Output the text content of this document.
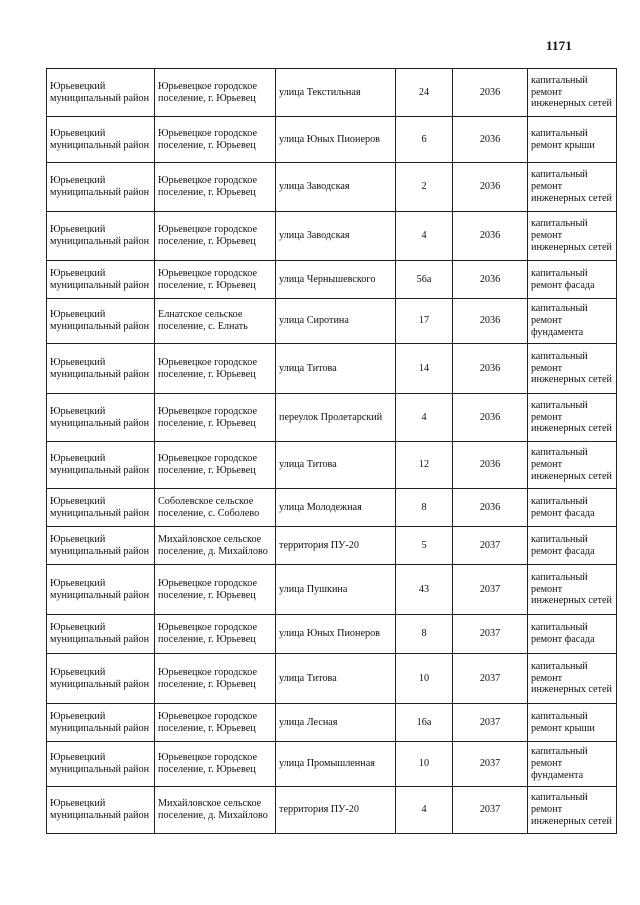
1171
Юрьевецкий муниципальный район	Юрьевецкое городское поселение, г. Юрьевец	улица Текстильная	24	2036	капитальный ремонт инженерных сетей
Юрьевецкий муниципальный район	Юрьевецкое городское поселение, г. Юрьевец	улица Юных Пионеров	6	2036	капитальный ремонт крыши
Юрьевецкий муниципальный район	Юрьевецкое городское поселение, г. Юрьевец	улица Заводская	2	2036	капитальный ремонт инженерных сетей
Юрьевецкий муниципальный район	Юрьевецкое городское поселение, г. Юрьевец	улица Заводская	4	2036	капитальный ремонт инженерных сетей
Юрьевецкий муниципальный район	Юрьевецкое городское поселение, г. Юрьевец	улица Чернышевского	56а	2036	капитальный ремонт фасада
Юрьевецкий муниципальный район	Елнатское сельское поселение, с. Елнать	улица Сиротина	17	2036	капитальный ремонт фундамента
Юрьевецкий муниципальный район	Юрьевецкое городское поселение, г. Юрьевец	улица Титова	14	2036	капитальный ремонт инженерных сетей
Юрьевецкий муниципальный район	Юрьевецкое городское поселение, г. Юрьевец	переулок Пролетарский	4	2036	капитальный ремонт инженерных сетей
Юрьевецкий муниципальный район	Юрьевецкое городское поселение, г. Юрьевец	улица Титова	12	2036	капитальный ремонт инженерных сетей
Юрьевецкий муниципальный район	Соболевское сельское поселение, с. Соболево	улица Молодежная	8	2036	капитальный ремонт фасада
Юрьевецкий муниципальный район	Михайловское сельское поселение, д. Михайлово	территория ПУ-20	5	2037	капитальный ремонт фасада
Юрьевецкий муниципальный район	Юрьевецкое городское поселение, г. Юрьевец	улица Пушкина	43	2037	капитальный ремонт инженерных сетей
Юрьевецкий муниципальный район	Юрьевецкое городское поселение, г. Юрьевец	улица Юных Пионеров	8	2037	капитальный ремонт фасада
Юрьевецкий муниципальный район	Юрьевецкое городское поселение, г. Юрьевец	улица Титова	10	2037	капитальный ремонт инженерных сетей
Юрьевецкий муниципальный район	Юрьевецкое городское поселение, г. Юрьевец	улица Лесная	16а	2037	капитальный ремонт крыши
Юрьевецкий муниципальный район	Юрьевецкое городское поселение, г. Юрьевец	улица Промышленная	10	2037	капитальный ремонт фундамента
Юрьевецкий муниципальный район	Михайловское сельское поселение, д. Михайлово	территория ПУ-20	4	2037	капитальный ремонт инженерных сетей
